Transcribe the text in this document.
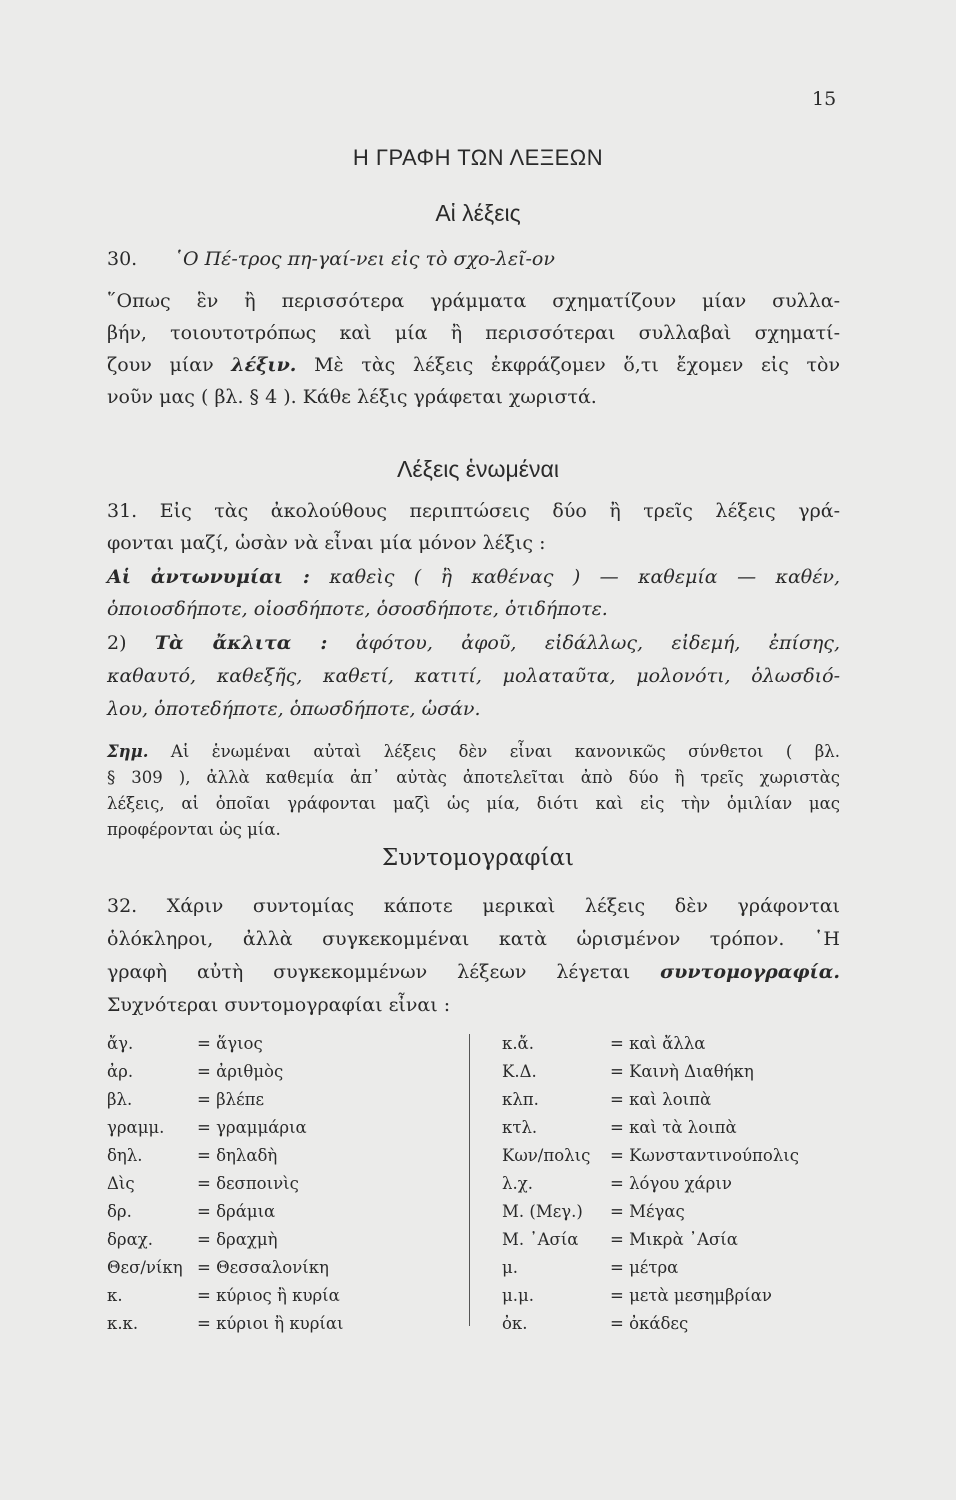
15
Η ΓΡΑΦΗ ΤΩΝ ΛΕΞΕΩΝ
Αἱ λέξεις
30. ῾Ο Πέ-τρος πη-γαί-νει εἰς τὸ σχο-λεῖ-ον
῞Οπως ἓν ἢ περισσότερα γράμματα σχηματίζουν μίαν συλλα-
βήν, τοιουτοτρόπως καὶ μία ἢ περισσότεραι συλλαβαὶ σχηματί-
ζουν μίαν λέξιν. Μὲ τὰς λέξεις ἐκφράζομεν ὅ,τι ἔχομεν εἰς τὸν
νοῦν μας ( βλ. § 4 ). Κάθε λέξις γράφεται χωριστά.
Λέξεις ἑνωμέναι
31. Εἰς τὰς ἀκολούθους περιπτώσεις δύο ἢ τρεῖς λέξεις γρά-
φονται μαζί, ὡσὰν νὰ εἶναι μία μόνον λέξις :
Αἱ ἀντωνυμίαι : καθεὶς ( ἢ καθένας ) — καθεμία — καθέν,
ὁποιοσδήποτε, οἱοσδήποτε, ὁσοσδήποτε, ὁτιδήποτε.
2) Τὰ ἄκλιτα : ἀφότου, ἀφοῦ, εἰδάλλως, εἰδεμή, ἐπίσης,
καθαυτό, καθεξῆς, καθετί, κατιτί, μολαταῦτα, μολονότι, ὁλωσδιό-
λου, ὁποτεδήποτε, ὁπωσδήποτε, ὡσάν.
Σημ. Αἱ ἑνωμέναι αὐταὶ λέξεις δὲν εἶναι κανονικῶς σύνθετοι ( βλ.
§ 309 ), ἀλλὰ καθεμία ἀπ᾽ αὐτὰς ἀποτελεῖται ἀπὸ δύο ἢ τρεῖς χωριστὰς
λέξεις, αἱ ὁποῖαι γράφονται μαζὶ ὡς μία, διότι καὶ εἰς τὴν ὁμιλίαν μας
προφέρονται ὡς μία.
Συντομογραφίαι
32. Χάριν συντομίας κάποτε μερικαὶ λέξεις δὲν γράφονται
ὁλόκληροι, ἀλλὰ συγκεκομμέναι κατὰ ὡρισμένον τρόπον. ῾Η
γραφὴ αὐτὴ συγκεκομμένων λέξεων λέγεται συντομογραφία.
Συχνότεραι συντομογραφίαι εἶναι :
ἄγ.	= ἅγιος
ἀρ.	= ἀριθμὸς
βλ.	= βλέπε
γραμμ. = γραμμάρια
δηλ.	= δηλαδὴ
Δὶς	= δεσποινὶς
δρ.	= δράμια
δραχ.	= δραχμὴ
Θεσ/νίκη = Θεσσαλονίκη
κ.	= κύριος ἢ κυρία
κ.κ.	= κύριοι ἢ κυρίαι
κ.ἄ.	= καὶ ἄλλα
Κ.Δ.	= Καινὴ Διαθήκη
κλπ.	= καὶ λοιπὰ
κτλ.	= καὶ τὰ λοιπὰ
Κων/πολις = Κωνσταντινούπολις
λ.χ.	= λόγου χάριν
Μ. (Μεγ.) = Μέγας
Μ. ᾿Ασία = Μικρὰ ᾿Ασία
μ.	= μέτρα
μ.μ.	= μετὰ μεσημβρίαν
ὀκ.	= ὀκάδες
